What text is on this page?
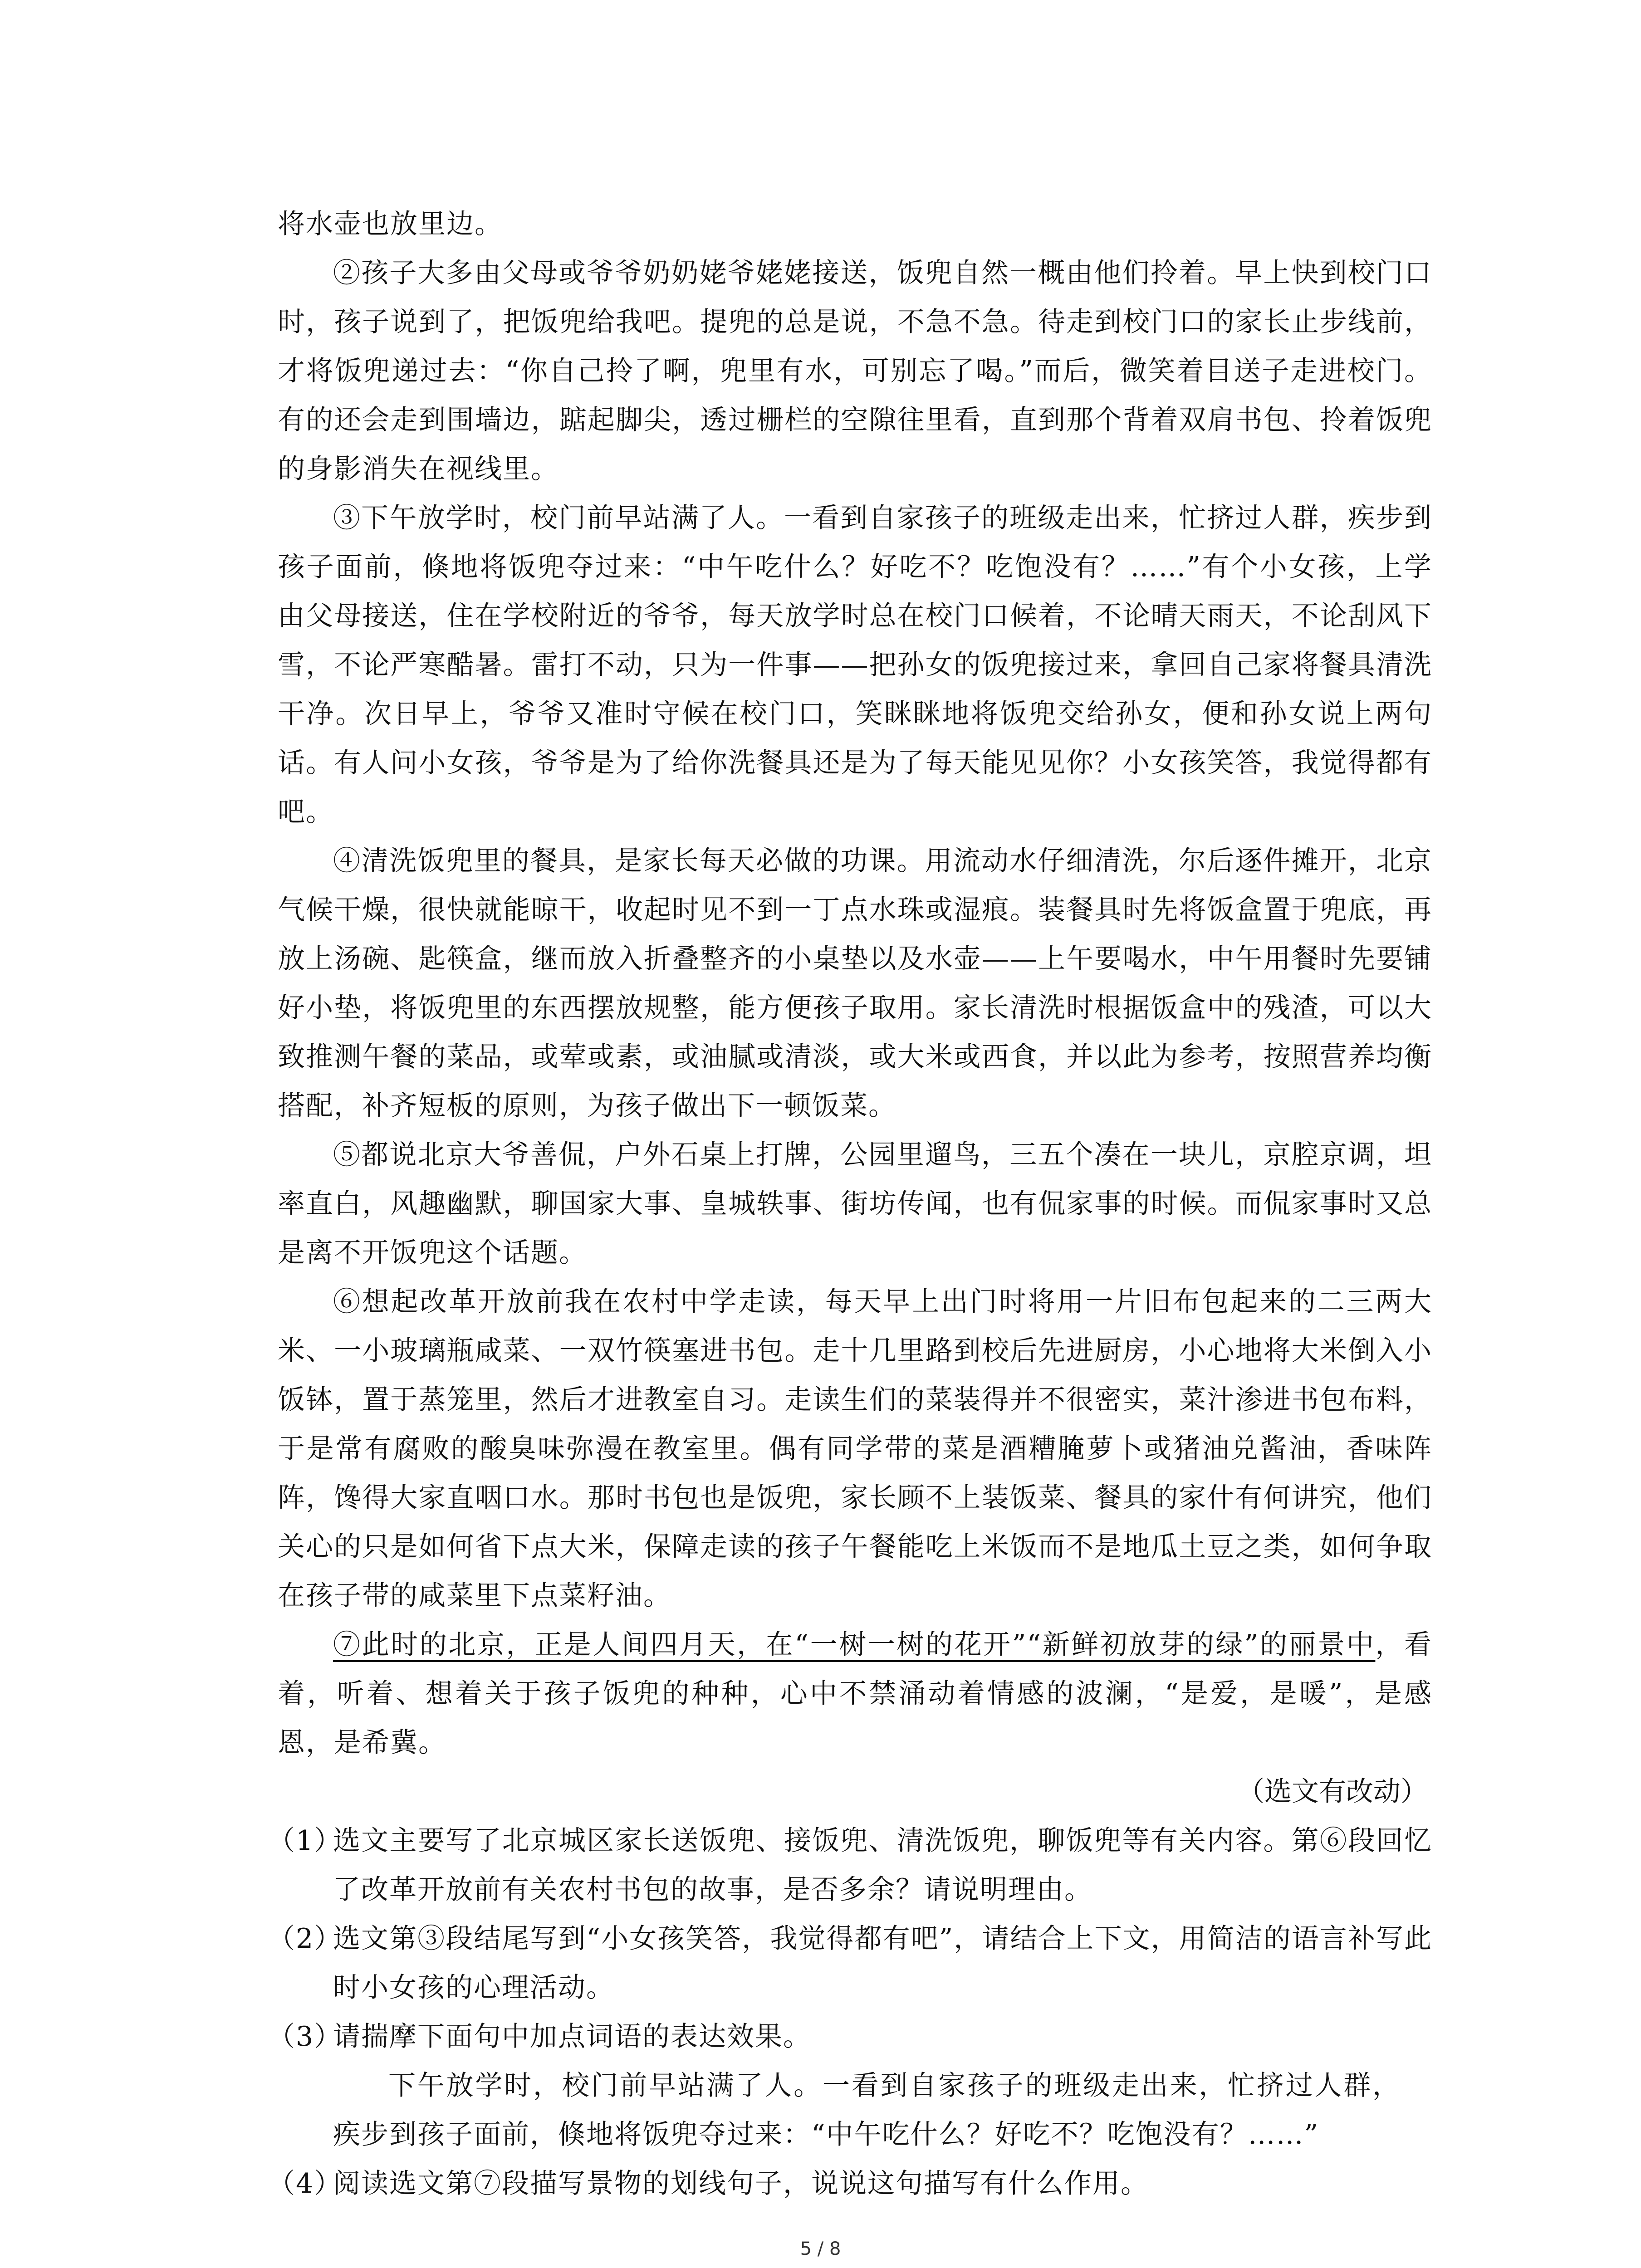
将水壶也放里边。

②孩子大多由父母或爷爷奶奶姥爷姥姥接送，饭兜自然一概由他们拎着。早上快到校门口时，孩子说到了，把饭兜给我吧。提兜的总是说，不急不急。待走到校门口的家长止步线前，才将饭兜递过去：“你自己拎了啊，兜里有水，可别忘了喝。”而后，微笑着目送子走进校门。有的还会走到围墙边，踮起脚尖，透过栅栏的空隙往里看，直到那个背着双肩书包、拎着饭兜的身影消失在视线里。

③下午放学时，校门前早站满了人。一看到自家孩子的班级走出来，忙挤过人群，疾步到孩子面前，倏地将饭兜夺过来：“中午吃什么？好吃不？吃饱没有？……”有个小女孩，上学由父母接送，住在学校附近的爷爷，每天放学时总在校门口候着，不论晴天雨天，不论刮风下雪，不论严寒酷暑。雷打不动，只为一件事——把孙女的饭兜接过来，拿回自己家将餐具清洗干净。次日早上，爷爷又准时守候在校门口，笑眯眯地将饭兜交给孙女，便和孙女说上两句话。有人问小女孩，爷爷是为了给你洗餐具还是为了每天能见见你？小女孩笑答，我觉得都有吧。

④清洗饭兜里的餐具，是家长每天必做的功课。用流动水仔细清洗，尔后逐件摊开，北京气候干燥，很快就能晾干，收起时见不到一丁点水珠或湿痕。装餐具时先将饭盒置于兜底，再放上汤碗、匙筷盒，继而放入折叠整齐的小桌垫以及水壶——上午要喝水，中午用餐时先要铺好小垫，将饭兜里的东西摆放规整，能方便孩子取用。家长清洗时根据饭盒中的残渣，可以大致推测午餐的菜品，或荤或素，或油腻或清淡，或大米或西食，并以此为参考，按照营养均衡搭配，补齐短板的原则，为孩子做出下一顿饭菜。

⑤都说北京大爷善侃，户外石桌上打牌，公园里遛鸟，三五个凑在一块儿，京腔京调，坦率直白，风趣幽默，聊国家大事、皇城轶事、街坊传闻，也有侃家事的时候。而侃家事时又总是离不开饭兜这个话题。

⑥想起改革开放前我在农村中学走读，每天早上出门时将用一片旧布包起来的二三两大米、一小玻璃瓶咸菜、一双竹筷塞进书包。走十几里路到校后先进厨房，小心地将大米倒入小饭钵，置于蒸笼里，然后才进教室自习。走读生们的菜装得并不很密实，菜汁渗进书包布料，于是常有腐败的酸臭味弥漫在教室里。偶有同学带的菜是酒糟腌萝卜或猪油兑酱油，香味阵阵，馋得大家直咽口水。那时书包也是饭兜，家长顾不上装饭菜、餐具的家什有何讲究，他们关心的只是如何省下点大米，保障走读的孩子午餐能吃上米饭而不是地瓜土豆之类，如何争取在孩子带的咸菜里下点菜籽油。

⑦此时的北京，正是人间四月天，在“一树一树的花开”“新鲜初放芽的绿”的丽景中，看着，听着、想着关于孩子饭兜的种种，心中不禁涌动着情感的波澜，“是爱，是暖”，是感恩，是希冀。

（选文有改动）

（1）
选文主要写了北京城区家长送饭兜、接饭兜、清洗饭兜，聊饭兜等有关内容。第⑥段回忆了改革开放前有关农村书包的故事，是否多余？请说明理由。

（2）
选文第③段结尾写到“小女孩笑答，我觉得都有吧”，请结合上下文，用简洁的语言补写此时小女孩的心理活动。

（3）
请揣摩下面句中加点词语的表达效果。

下午放学时，校门前早站满了人。一看到自家孩子的班级走出来，忙挤过人群，疾步到孩子面前，倏地将饭兜夺过来：“中午吃什么？好吃不？吃饱没有？……”

（4）
阅读选文第⑦段描写景物的划线句子，说说这句描写有什么作用。

5 / 8
